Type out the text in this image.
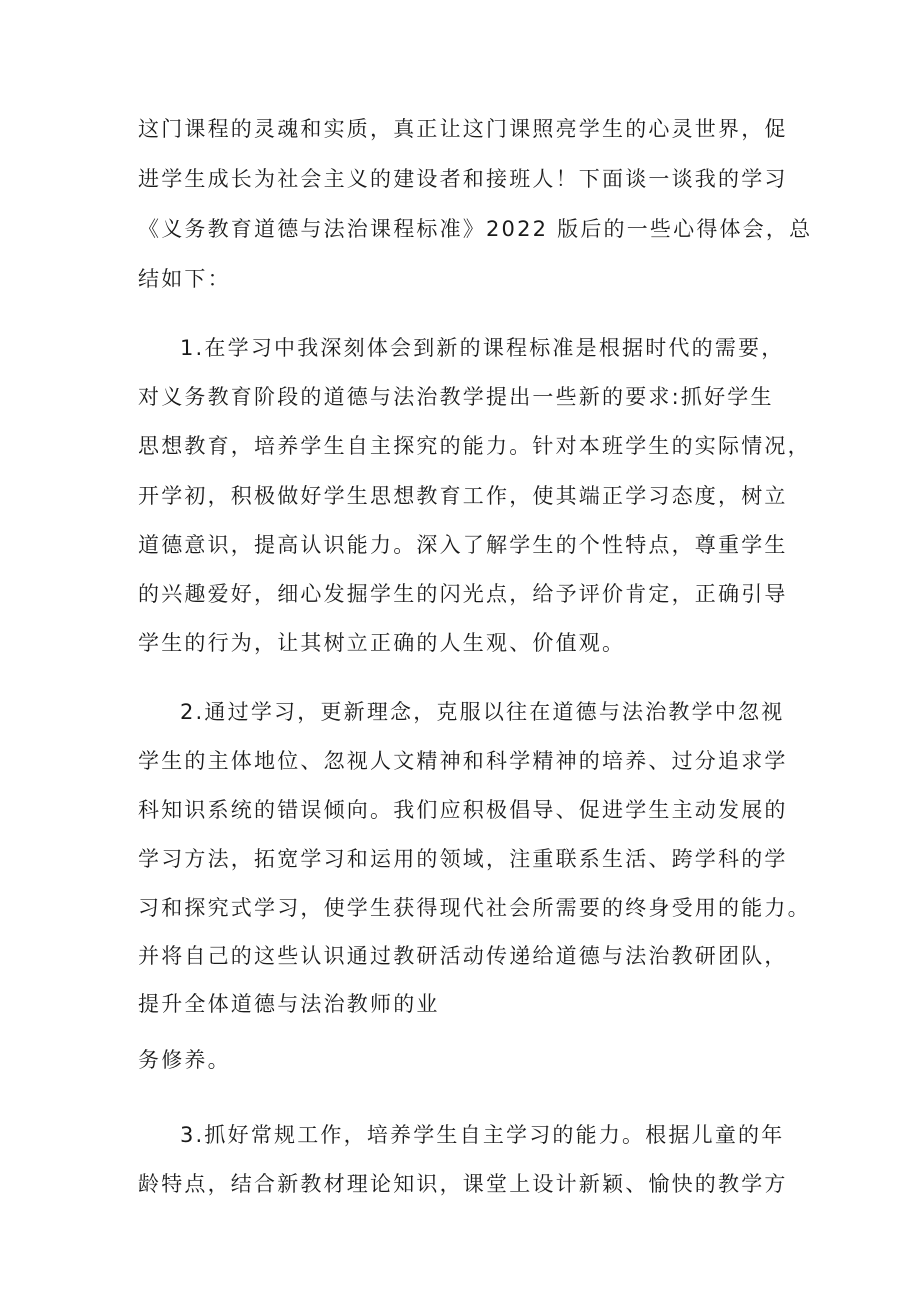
这门课程的灵魂和实质，真正让这门课照亮学生的心灵世界，促
进学生成长为社会主义的建设者和接班人！下面谈一谈我的学习
《义务教育道德与法治课程标准》2022 版后的一些心得体会，总
结如下：
1.在学习中我深刻体会到新的课程标准是根据时代的需要，
对义务教育阶段的道德与法治教学提出一些新的要求:抓好学生
思想教育，培养学生自主探究的能力。针对本班学生的实际情况，
开学初，积极做好学生思想教育工作，使其端正学习态度，树立
道德意识，提高认识能力。深入了解学生的个性特点，尊重学生
的兴趣爱好，细心发掘学生的闪光点，给予评价肯定，正确引导
学生的行为，让其树立正确的人生观、价值观。
2.通过学习，更新理念，克服以往在道德与法治教学中忽视
学生的主体地位、忽视人文精神和科学精神的培养、过分追求学
科知识系统的错误倾向。我们应积极倡导、促进学生主动发展的
学习方法，拓宽学习和运用的领域，注重联系生活、跨学科的学
习和探究式学习，使学生获得现代社会所需要的终身受用的能力。
并将自己的这些认识通过教研活动传递给道德与法治教研团队，
提升全体道德与法治教师的业
务修养。
3.抓好常规工作，培养学生自主学习的能力。根据儿童的年
龄特点，结合新教材理论知识，课堂上设计新颖、愉快的教学方
